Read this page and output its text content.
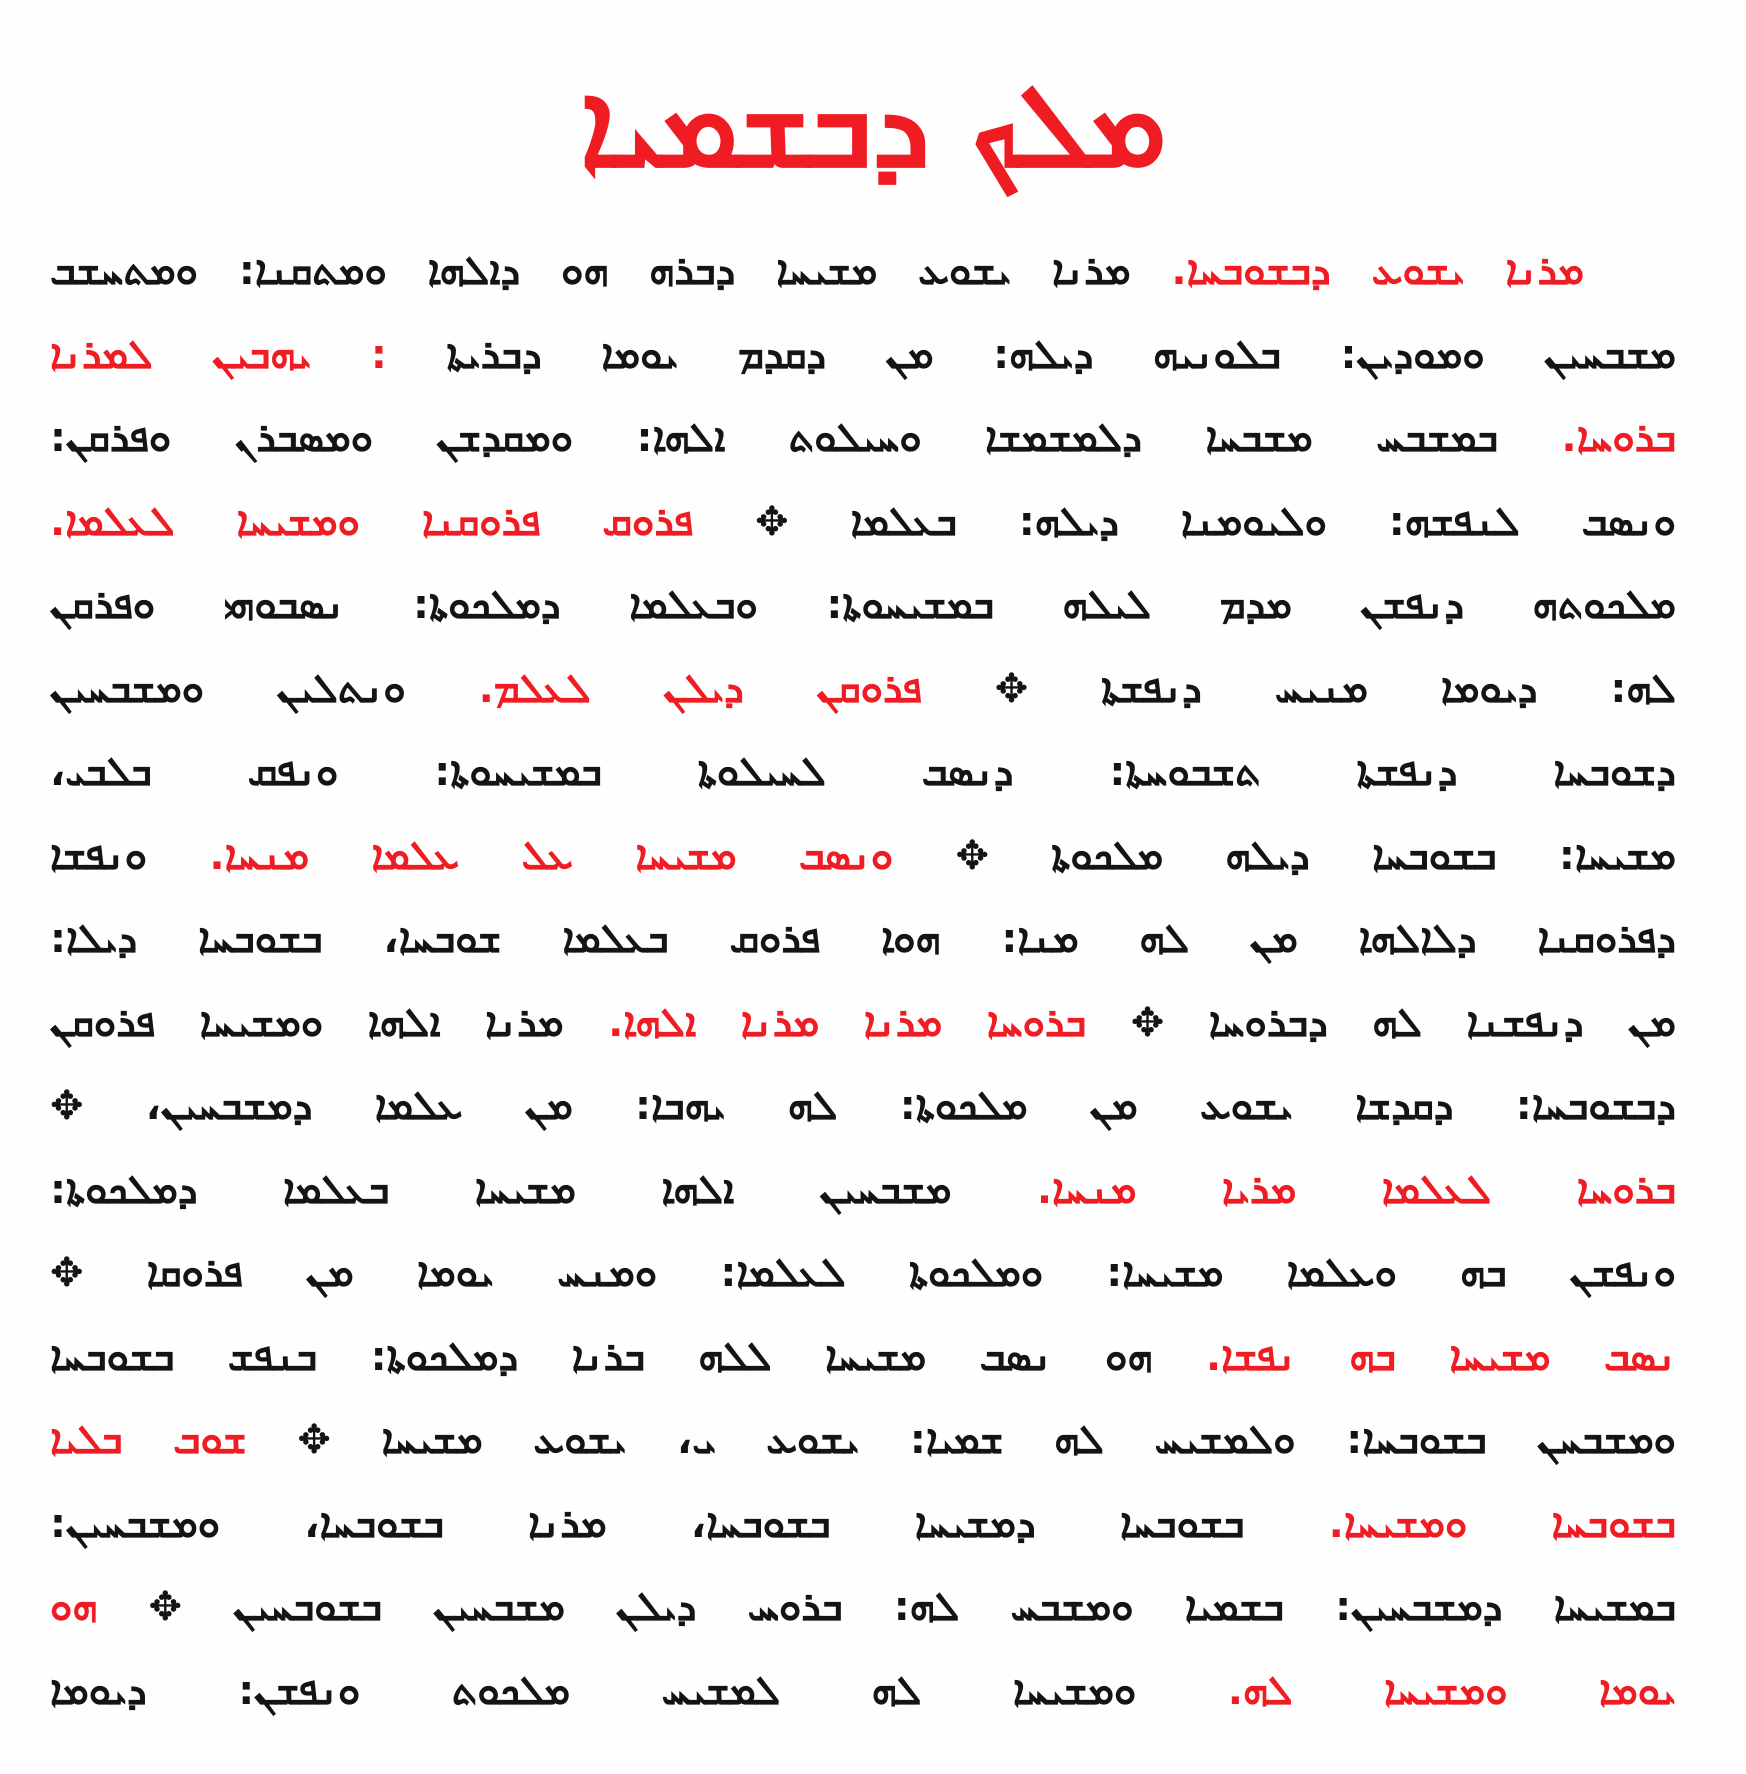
ܡܠܟ ܕܒܫܡܝܐ
ܡܪܢܐ ܝܫܘܥ ܕܒܫܘܒܚܐ. ܡܪܢܐ ܝܫܘܥ ܡܫܝܚܐ ܕܒܪܗ ܗܘ ܕܐܠܗܐ ܘܡܬܩܢܐ: ܘܡܬܚܫܒ
ܡܫܒܚܝܢ ܘܡܘܕܝܢ: ܒܠܘܢܝܗ ܕܝܠܗ: ܡܢ ܕܩܕܡ ܝܘܡܐ ܕܒܪܝܬܐ : ܝܗܒܝܢ ܠܡܪܢܐ
ܒܪܘܚܐ. ܒܡܫܒܚ ܡܫܒܚܐ ܕܠܡܫܡܫܐ ܘܚܝܠܘܬ ܐܠܗܐ: ܘܡܩܕܫܢ ܘܡܣܒܪܢ ܘܦܪܩܢ:
ܘܢܣܒ ܠܢܦܫܗ: ܘܠܝܘܡܢܐ ܕܝܠܗ: ܒܥܠܡܐ ✥ ܦܪܘܩ ܦܪܘܩܢܐ ܘܡܫܝܚܐ ܠܥܠܡܐ.
ܡܠܟܘܬܗ ܕܢܦܫܢ ܡܕܡ ܠܝܠܗ ܒܡܫܝܚܘܬܐ: ܘܒܥܠܡܐ ܕܡܠܟܘܬܐ: ܢܣܒܘܗܝ ܘܦܪܩܢ
ܠܗ: ܕܝܘܡܐ ܡܢܝܚ ܕܢܦܫܬܐ ✥ ܦܪܘܩܢ ܕܝܠܢ ܠܥܠܡ. ܘܢܬܠܝܢ ܘܡܫܒܚܝܢ
ܕܫܘܒܚܐ ܕܢܦܫܬܐ ܬܫܒܘܚܬܐ: ܕܢܣܒ ܠܚܝܠܘܬܐ ܒܡܫܝܚܘܬܐ: ܘܢܦܩ ܒܠܒܝ،
ܡܫܝܚܐ: ܒܫܘܒܚܐ ܕܝܠܗ ܡܠܟܘܬܐ ✥ ܘܢܣܒ ܡܫܝܚܐ ܥܠ ܥܠܡܐ ܡܢܚܐ. ܘܢܦܫܐ
ܕܦܪܘܩܢܐ ܕܠܐܠܗܐ ܡܢ ܠܗ ܡܢܐ: ܗܘܐ ܦܪܘܩ ܒܥܠܡܐ ܫܘܒܚܐ، ܒܫܘܒܚܐ ܕܝܠܐ:
ܡܢ ܕܢܦܫܢܐ ܠܗ ܕܒܪܘܚܐ ✥ ܒܪܘܚܐ ܡܪܢܐ ܡܪܢܐ ܐܠܗܐ. ܡܪܢܐ ܐܠܗܐ ܘܡܫܝܚܐ ܦܪܘܩܢ
ܕܒܫܘܒܚܐ: ܕܩܕܫܐ ܝܫܘܥ ܡܢ ܡܠܟܘܬܐ: ܠܗ ܝܗܒܐ: ܡܢ ܥܠܡܐ ܕܡܫܒܚܝܢ، ✥
ܒܪܘܚܐ ܠܥܠܡܐ ܡܪܝܐ ܡܢܚܐ. ܡܫܒܚܝܢ ܐܠܗܐ ܡܫܝܚܐ ܒܥܠܡܐ ܕܡܠܟܘܬܐ:
ܘܢܦܫܢ ܒܗ ܘܥܠܡܐ ܡܫܝܚܐ: ܘܡܠܟܘܬܐ ܠܥܠܡܐ: ܘܡܢܚ ܝܘܡܐ ܡܢ ܦܪܘܩܐ ✥
ܢܣܒ ܡܫܝܚܐ ܒܗ ܢܦܫܐ. ܗܘ ܢܣܒ ܡܫܝܚܐ ܠܠܗ ܒܪܢܐ ܕܡܠܟܘܬܐ: ܒܢܦܫ ܒܫܘܒܚܐ
ܘܡܫܒܚܢ ܒܫܘܒܚܐ: ܘܠܡܫܝܚ ܠܗ ܫܡܝܐ: ܝܫܘܥ ܝ، ܝܫܘܥ ܡܫܝܚܐ ✥ ܫܘܒ ܒܠܝܐ
ܒܫܘܒܚܐ ܘܡܫܝܚܐ. ܒܫܘܒܚܐ ܕܡܫܝܚܐ ܒܫܘܒܚܐ، ܡܪܢܐ ܒܫܘܒܚܐ، ܘܡܫܒܚܝܢ:
ܒܡܫܝܚܐ ܕܡܫܒܚܝܢ: ܒܫܡܝܐ ܘܡܫܒܚ ܠܗ: ܒܪܘܚ ܕܝܠܢ ܡܫܒܚܝܢ ܒܫܘܒܚܝܢ ✥ ܗܘ
ܝܘܡܐ ܘܡܫܝܚܐ ܠܗ. ܘܡܫܝܚܐ ܠܗ ܠܡܫܝܚ ܡܠܟܘܬ ܘܢܦܫܢ: ܕܝܘܡܐ
